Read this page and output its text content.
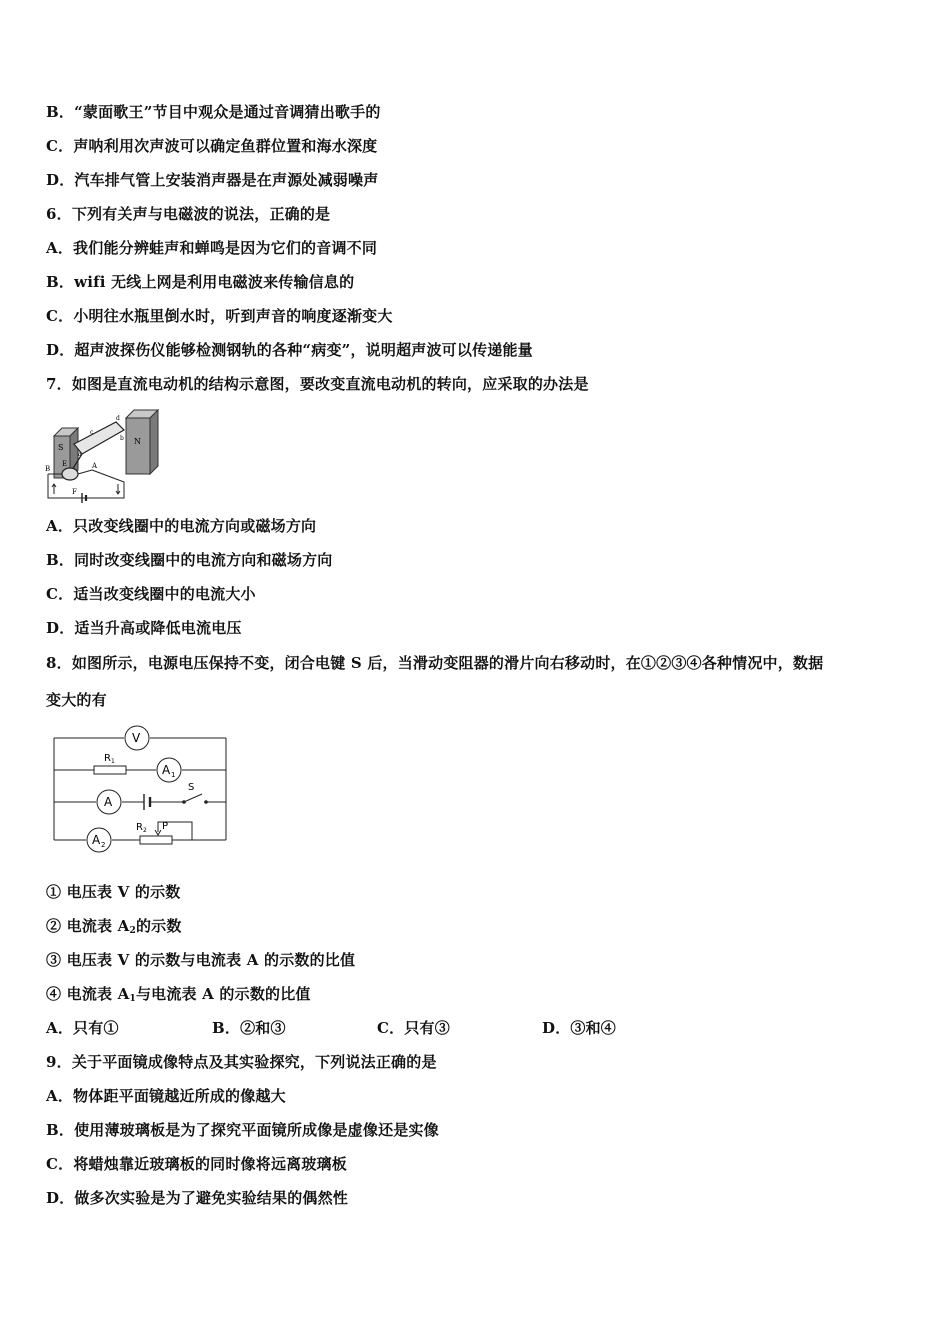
B．“蒙面歌王”节目中观众是通过音调猜出歌手的
C．声呐利用次声波可以确定鱼群位置和海水深度
D．汽车排气管上安装消声器是在声源处减弱噪声
6．下列有关声与电磁波的说法，正确的是
A．我们能分辨蛙声和蝉鸣是因为它们的音调不同
B．wifi 无线上网是利用电磁波来传输信息的
C．小明往水瓶里倒水时，听到声音的响度逐渐变大
D．超声波探伤仪能够检测钢轨的各种“病变”，说明超声波可以传递能量
7．如图是直流电动机的结构示意图，要改变直流电动机的转向，应采取的办法是
S
N
B	A
E
F
c
d
a
b
A．只改变线圈中的电流方向或磁场方向
B．同时改变线圈中的电流方向和磁场方向
C．适当改变线圈中的电流大小
D．适当升高或降低电流电压
8．如图所示，电源电压保持不变，闭合电键 S 后，当滑动变阻器的滑片向右移动时，在①②③④各种情况中，数据
变大的有
V
A 1
A
A 2
R 1
R 2 P
S
① 电压表 V 的示数
② 电流表 $A_2$的示数
③ 电压表 V 的示数与电流表 A 的示数的比值
④ 电流表 $A_1$与电流表 A 的示数的比值
A．只有①	B．②和③	C．只有③	D．③和④
9．关于平面镜成像特点及其实验探究，下列说法正确的是
A．物体距平面镜越近所成的像越大
B．使用薄玻璃板是为了探究平面镜所成像是虚像还是实像
C．将蜡烛靠近玻璃板的同时像将远离玻璃板
D．做多次实验是为了避免实验结果的偶然性
